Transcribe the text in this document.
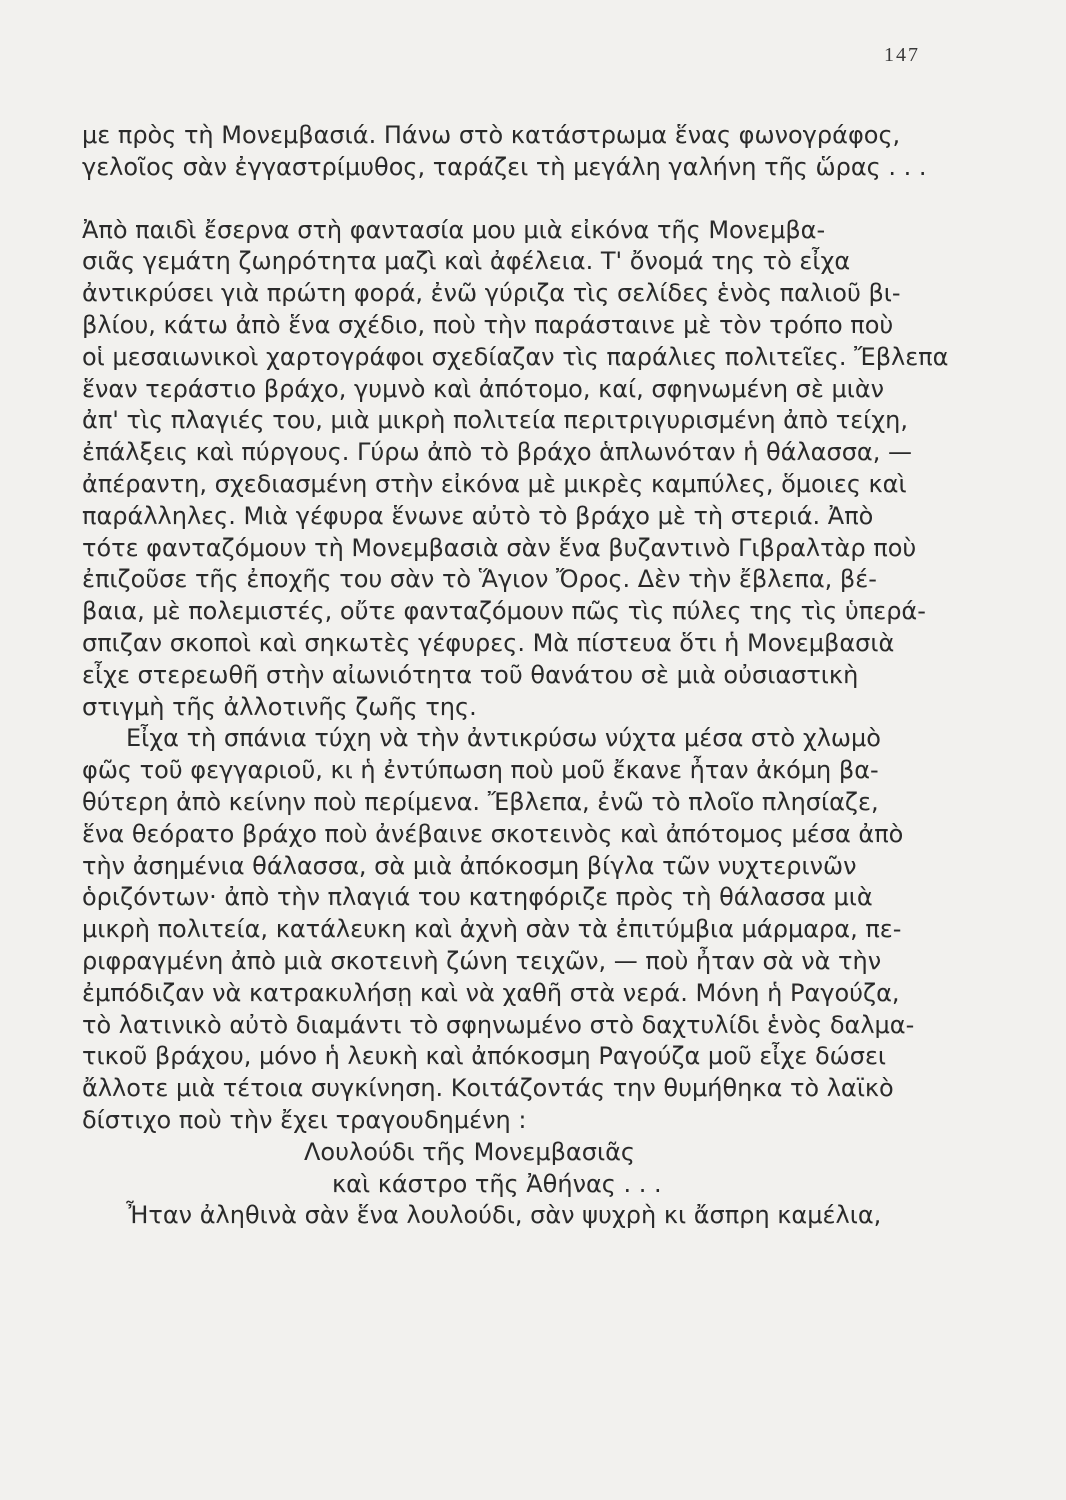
147
με πρὸς τὴ Μονεμβασιά. Πάνω στὸ κατάστρωμα ἕνας φωνογράφος,
γελοῖος σὰν ἐγγαστρίμυθος, ταράζει τὴ μεγάλη γαλήνη τῆς ὥρας . . .
Ἀπὸ παιδὶ ἔσερνα στὴ φαντασία μου μιὰ εἰκόνα τῆς Μονεμβα-
σιᾶς γεμάτη ζωηρότητα μαζὶ καὶ ἀφέλεια. Τ' ὄνομά της τὸ εἶχα
ἀντικρύσει γιὰ πρώτη φορά, ἐνῶ γύριζα τὶς σελίδες ἑνὸς παλιοῦ βι-
βλίου, κάτω ἀπὸ ἕνα σχέδιο, ποὺ τὴν παράσταινε μὲ τὸν τρόπο ποὺ
οἱ μεσαιωνικοὶ χαρτογράφοι σχεδίαζαν τὶς παράλιες πολιτεῖες. Ἔβλεπα
ἕναν τεράστιο βράχο, γυμνὸ καὶ ἀπότομο, καί, σφηνωμένη σὲ μιὰν
ἀπ' τὶς πλαγιές του, μιὰ μικρὴ πολιτεία περιτριγυρισμένη ἀπὸ τείχη,
ἐπάλξεις καὶ πύργους. Γύρω ἀπὸ τὸ βράχο ἁπλωνόταν ἡ θάλασσα, —
ἀπέραντη, σχεδιασμένη στὴν εἰκόνα μὲ μικρὲς καμπύλες, ὅμοιες καὶ
παράλληλες. Μιὰ γέφυρα ἕνωνε αὐτὸ τὸ βράχο μὲ τὴ στεριά. Ἀπὸ
τότε φανταζόμουν τὴ Μονεμβασιὰ σὰν ἕνα βυζαντινὸ Γιβραλτὰρ ποὺ
ἐπιζοῦσε τῆς ἐποχῆς του σὰν τὸ Ἅγιον Ὄρος. Δὲν τὴν ἔβλεπα, βέ-
βαια, μὲ πολεμιστές, οὔτε φανταζόμουν πῶς τὶς πύλες της τὶς ὑπερά-
σπιζαν σκοποὶ καὶ σηκωτὲς γέφυρες. Μὰ πίστευα ὅτι ἡ Μονεμβασιὰ
εἶχε στερεωθῆ στὴν αἰωνιότητα τοῦ θανάτου σὲ μιὰ οὐσιαστικὴ
στιγμὴ τῆς ἀλλοτινῆς ζωῆς της.
Εἶχα τὴ σπάνια τύχη νὰ τὴν ἀντικρύσω νύχτα μέσα στὸ χλωμὸ
φῶς τοῦ φεγγαριοῦ, κι ἡ ἐντύπωση ποὺ μοῦ ἔκανε ἦταν ἀκόμη βα-
θύτερη ἀπὸ κείνην ποὺ περίμενα. Ἔβλεπα, ἐνῶ τὸ πλοῖο πλησίαζε,
ἕνα θεόρατο βράχο ποὺ ἀνέβαινε σκοτεινὸς καὶ ἀπότομος μέσα ἀπὸ
τὴν ἀσημένια θάλασσα, σὰ μιὰ ἀπόκοσμη βίγλα τῶν νυχτερινῶν
ὁριζόντων· ἀπὸ τὴν πλαγιά του κατηφόριζε πρὸς τὴ θάλασσα μιὰ
μικρὴ πολιτεία, κατάλευκη καὶ ἀχνὴ σὰν τὰ ἐπιτύμβια μάρμαρα, πε-
ριφραγμένη ἀπὸ μιὰ σκοτεινὴ ζώνη τειχῶν, — ποὺ ἦταν σὰ νὰ τὴν
ἐμπόδιζαν νὰ κατρακυλήσῃ καὶ νὰ χαθῆ στὰ νερά. Μόνη ἡ Ραγούζα,
τὸ λατινικὸ αὐτὸ διαμάντι τὸ σφηνωμένο στὸ δαχτυλίδι ἑνὸς δαλμα-
τικοῦ βράχου, μόνο ἡ λευκὴ καὶ ἀπόκοσμη Ραγούζα μοῦ εἶχε δώσει
ἄλλοτε μιὰ τέτοια συγκίνηση. Κοιτάζοντάς την θυμήθηκα τὸ λαϊκὸ
δίστιχο ποὺ τὴν ἔχει τραγουδημένη :
Λουλούδι τῆς Μονεμβασιᾶς
καὶ κάστρο τῆς Ἀθήνας . . .
Ἦταν ἀληθινὰ σὰν ἕνα λουλούδι, σὰν ψυχρὴ κι ἄσπρη καμέλια,
